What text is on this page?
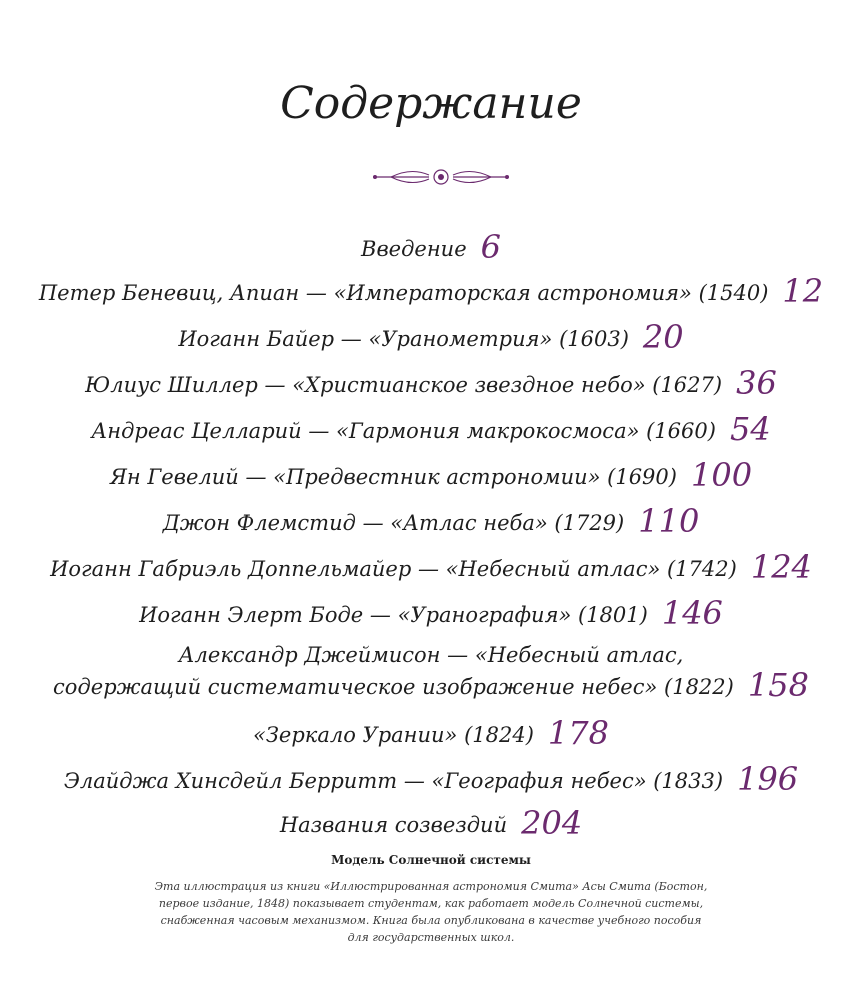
Содержание
Введение 6
Петер Беневиц, Апиан — «Императорская астрономия» (1540) 12
Иоганн Байер — «Уранометрия» (1603) 20
Юлиус Шиллер — «Христианское звездное небо» (1627) 36
Андреас Целларий — «Гармония макрокосмоса» (1660) 54
Ян Гевелий — «Предвестник астрономии» (1690) 100
Джон Флемстид — «Атлас неба» (1729) 110
Иоганн Габриэль Доппельмайер — «Небесный атлас» (1742) 124
Иоганн Элерт Боде — «Уранография» (1801) 146
Александр Джеймисон — «Небесный атлас,
содержащий систематическое изображение небес» (1822) 158
«Зеркало Урании» (1824) 178
Элайджа Хинсдейл Берритт — «География небес» (1833) 196
Названия созвездий 204
Модель Солнечной системы
Эта иллюстрация из книги «Иллюстрированная астрономия Смита» Асы Смита (Бостон, первое издание, 1848) показывает студентам, как работает модель Солнечной системы, снабженная часовым механизмом. Книга была опубликована в качестве учебного пособия для государственных школ.
